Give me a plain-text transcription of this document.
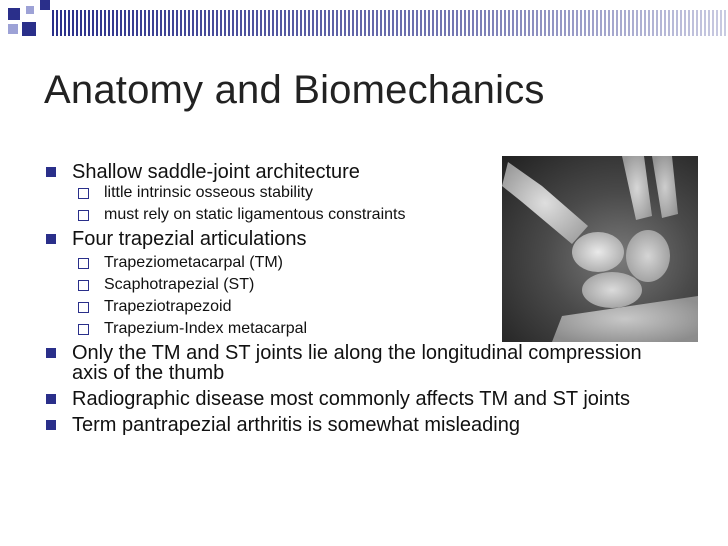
Anatomy and Biomechanics
Shallow saddle-joint architecture
little intrinsic osseous stability
must rely on static ligamentous constraints
Four trapezial articulations
Trapeziometacarpal (TM)
Scaphotrapezial (ST)
Trapeziotrapezoid
Trapezium-Index metacarpal
Only the TM and ST joints lie along the longitudinal compression axis of the thumb
Radiographic disease most commonly affects TM and ST joints
Term pantrapezial arthritis is somewhat misleading
